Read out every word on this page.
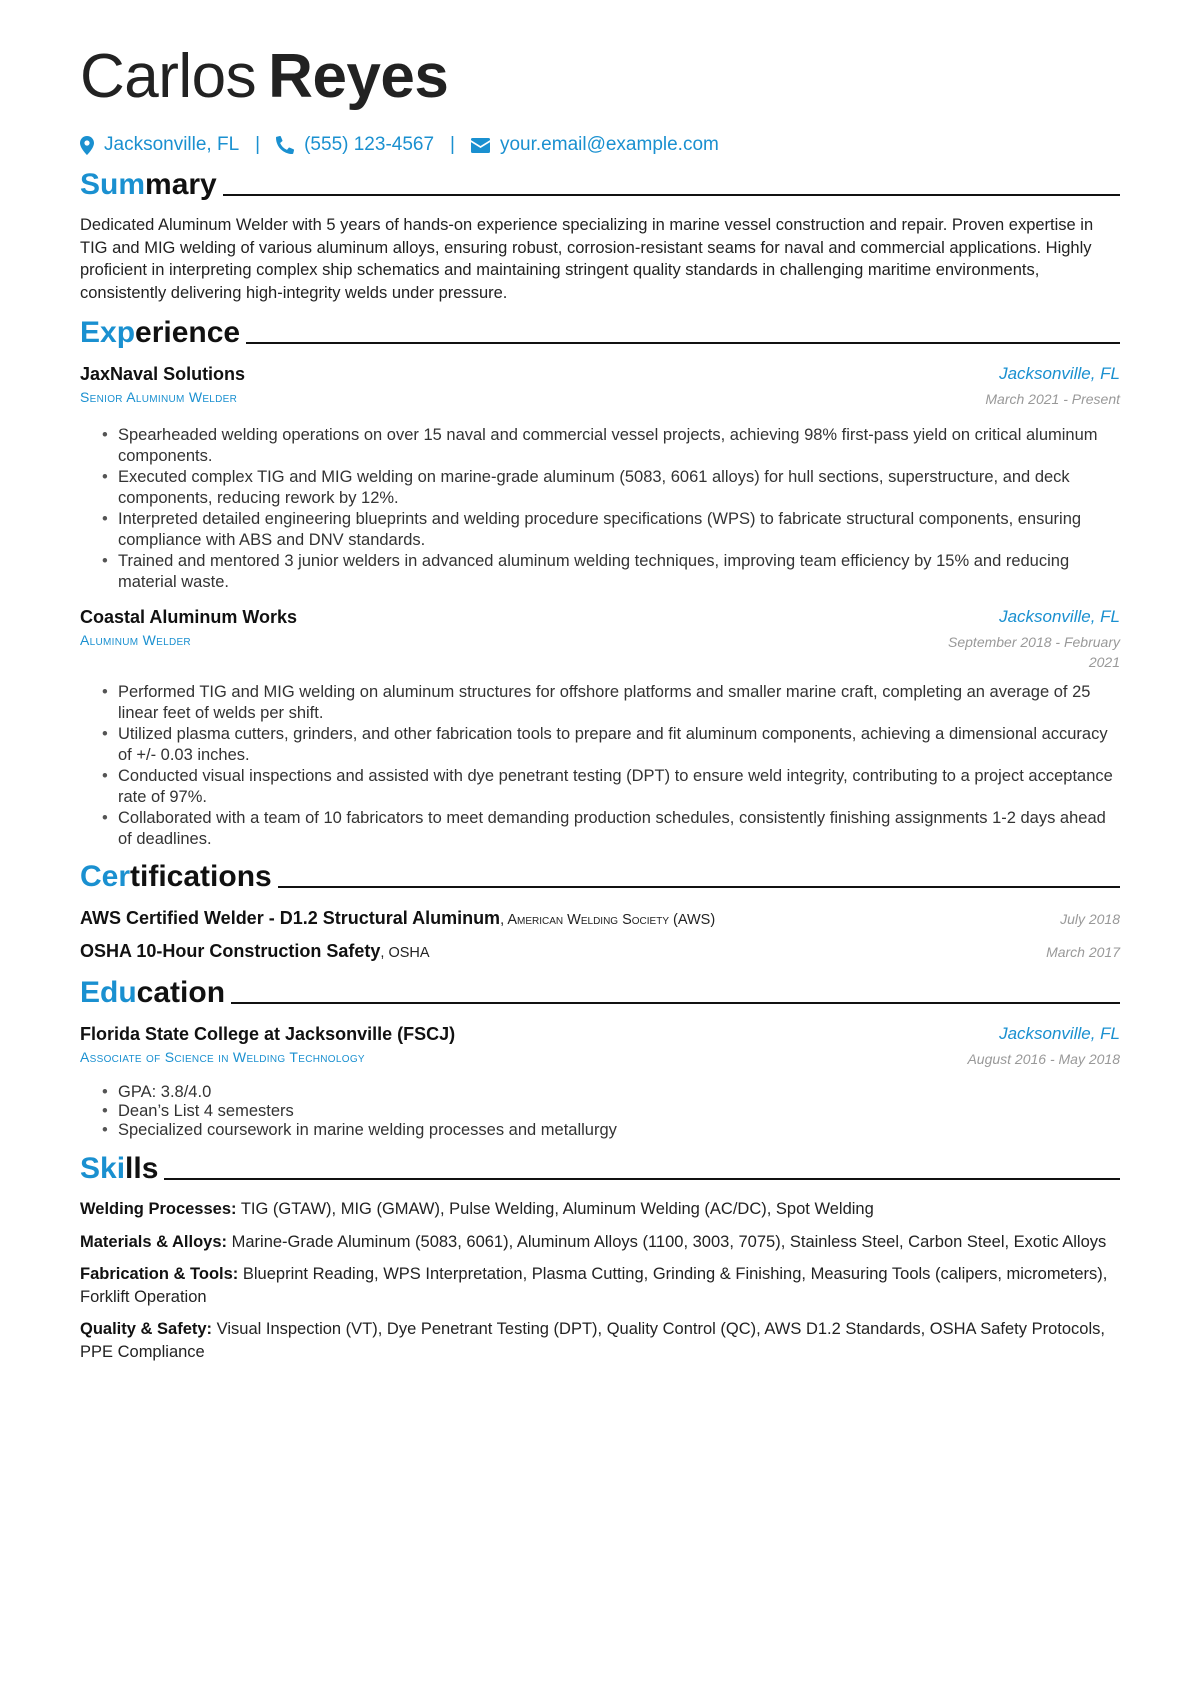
Carlos Reyes
Jacksonville, FL | (555) 123-4567 | your.email@example.com
Summary
Dedicated Aluminum Welder with 5 years of hands-on experience specializing in marine vessel construction and repair. Proven expertise in TIG and MIG welding of various aluminum alloys, ensuring robust, corrosion-resistant seams for naval and commercial applications. Highly proficient in interpreting complex ship schematics and maintaining stringent quality standards in challenging maritime environments, consistently delivering high-integrity welds under pressure.
Experience
JaxNaval Solutions	Jacksonville, FL
Senior Aluminum Welder	March 2021 - Present
• Spearheaded welding operations on over 15 naval and commercial vessel projects, achieving 98% first-pass yield on critical aluminum components.
• Executed complex TIG and MIG welding on marine-grade aluminum (5083, 6061 alloys) for hull sections, superstructure, and deck components, reducing rework by 12%.
• Interpreted detailed engineering blueprints and welding procedure specifications (WPS) to fabricate structural components, ensuring compliance with ABS and DNV standards.
• Trained and mentored 3 junior welders in advanced aluminum welding techniques, improving team efficiency by 15% and reducing material waste.
Coastal Aluminum Works	Jacksonville, FL
Aluminum Welder	September 2018 - February 2021
• Performed TIG and MIG welding on aluminum structures for offshore platforms and smaller marine craft, completing an average of 25 linear feet of welds per shift.
• Utilized plasma cutters, grinders, and other fabrication tools to prepare and fit aluminum components, achieving a dimensional accuracy of +/- 0.03 inches.
• Conducted visual inspections and assisted with dye penetrant testing (DPT) to ensure weld integrity, contributing to a project acceptance rate of 97%.
• Collaborated with a team of 10 fabricators to meet demanding production schedules, consistently finishing assignments 1-2 days ahead of deadlines.
Certifications
AWS Certified Welder - D1.2 Structural Aluminum, American Welding Society (AWS)	July 2018
OSHA 10-Hour Construction Safety, OSHA	March 2017
Education
Florida State College at Jacksonville (FSCJ)	Jacksonville, FL
Associate of Science in Welding Technology	August 2016 - May 2018
• GPA: 3.8/4.0
• Dean’s List 4 semesters
• Specialized coursework in marine welding processes and metallurgy
Skills
Welding Processes: TIG (GTAW), MIG (GMAW), Pulse Welding, Aluminum Welding (AC/DC), Spot Welding
Materials & Alloys: Marine-Grade Aluminum (5083, 6061), Aluminum Alloys (1100, 3003, 7075), Stainless Steel, Carbon Steel, Exotic Alloys
Fabrication & Tools: Blueprint Reading, WPS Interpretation, Plasma Cutting, Grinding & Finishing, Measuring Tools (calipers, micrometers), Forklift Operation
Quality & Safety: Visual Inspection (VT), Dye Penetrant Testing (DPT), Quality Control (QC), AWS D1.2 Standards, OSHA Safety Protocols, PPE Compliance
